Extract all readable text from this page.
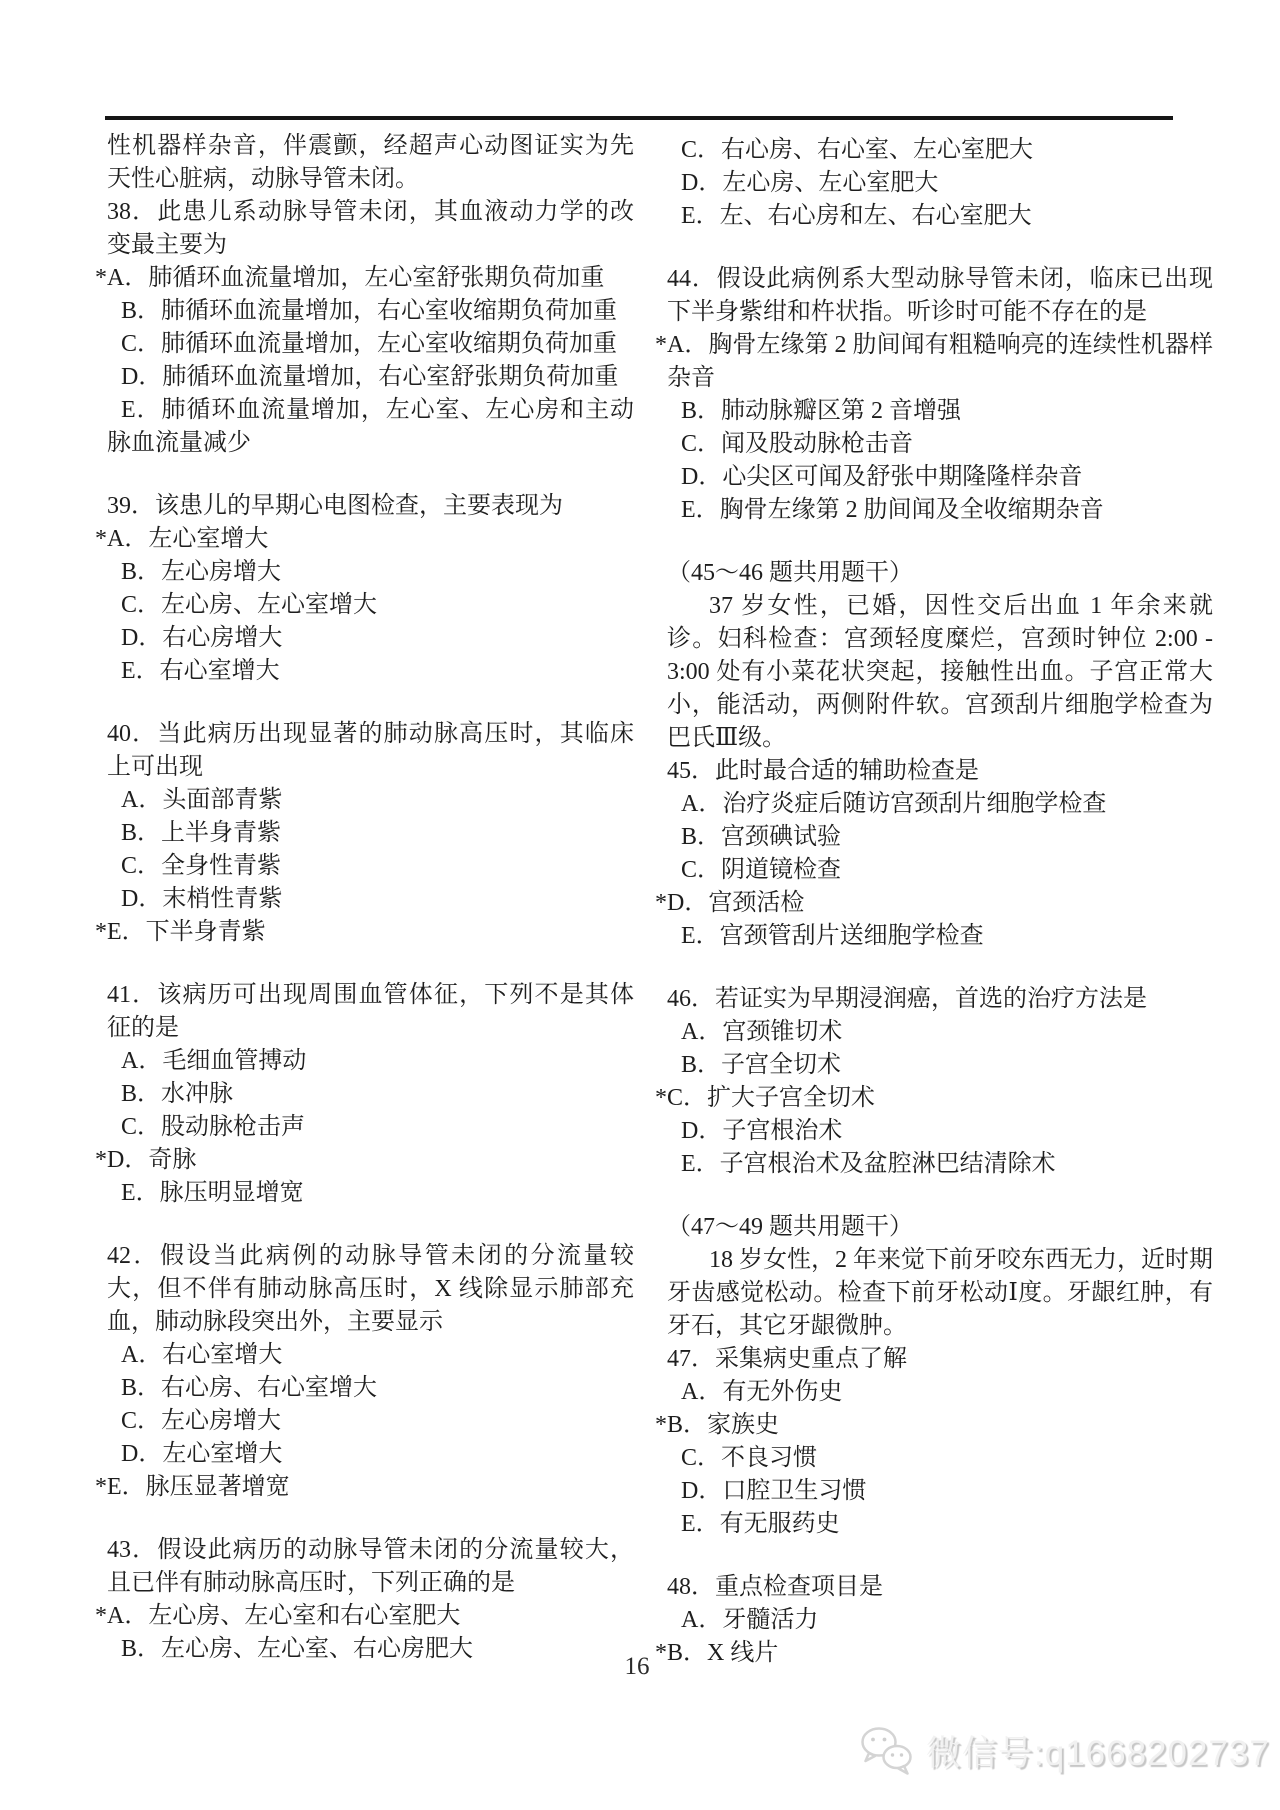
性机器样杂音，伴震颤，经超声心动图证实为先天性心脏病，动脉导管未闭。

38．此患儿系动脉导管未闭，其血液动力学的改变最主要为

*A．肺循环血流量增加，左心室舒张期负荷加重

B．肺循环血流量增加，右心室收缩期负荷加重

C．肺循环血流量增加，左心室收缩期负荷加重

D．肺循环血流量增加，右心室舒张期负荷加重

E．肺循环血流量增加，左心室、左心房和主动脉血流量减少

39．该患儿的早期心电图检查，主要表现为

*A．左心室增大

B．左心房增大

C．左心房、左心室增大

D．右心房增大

E．右心室增大

40．当此病历出现显著的肺动脉高压时，其临床上可出现

A．头面部青紫

B．上半身青紫

C．全身性青紫

D．末梢性青紫

*E．下半身青紫

41．该病历可出现周围血管体征，下列不是其体征的是

A．毛细血管搏动

B．水冲脉

C．股动脉枪击声

*D．奇脉

E．脉压明显增宽

42．假设当此病例的动脉导管未闭的分流量较大，但不伴有肺动脉高压时，X 线除显示肺部充血，肺动脉段突出外，主要显示

A．右心室增大

B．右心房、右心室增大

C．左心房增大

D．左心室增大

*E．脉压显著增宽

43．假设此病历的动脉导管未闭的分流量较大，且已伴有肺动脉高压时，下列正确的是

*A．左心房、左心室和右心室肥大

B．左心房、左心室、右心房肥大

C．右心房、右心室、左心室肥大

D．左心房、左心室肥大

E．左、右心房和左、右心室肥大

44．假设此病例系大型动脉导管未闭，临床已出现下半身紫绀和杵状指。听诊时可能不存在的是

*A．胸骨左缘第 2 肋间闻有粗糙响亮的连续性机器样杂音

B．肺动脉瓣区第 2 音增强

C．闻及股动脉枪击音

D．心尖区可闻及舒张中期隆隆样杂音

E．胸骨左缘第 2 肋间闻及全收缩期杂音

（45～46 题共用题干）

37 岁女性，已婚，因性交后出血 1 年余来就诊。妇科检查：宫颈轻度糜烂，宫颈时钟位 2:00 - 3:00 处有小菜花状突起，接触性出血。子宫正常大小，能活动，两侧附件软。宫颈刮片细胞学检查为巴氏Ⅲ级。

45．此时最合适的辅助检查是

A．治疗炎症后随访宫颈刮片细胞学检查

B．宫颈碘试验

C．阴道镜检查

*D．宫颈活检

E．宫颈管刮片送细胞学检查

46．若证实为早期浸润癌，首选的治疗方法是

A．宫颈锥切术

B．子宫全切术

*C．扩大子宫全切术

D．子宫根治术

E．子宫根治术及盆腔淋巴结清除术

（47～49 题共用题干）

18 岁女性，2 年来觉下前牙咬东西无力，近时期牙齿感觉松动。检查下前牙松动Ⅰ度。牙龈红肿，有牙石，其它牙龈微肿。

47．采集病史重点了解

A．有无外伤史

*B．家族史

C．不良习惯

D．口腔卫生习惯

E．有无服药史

48．重点检查项目是

A．牙髓活力

*B．X 线片

16
微信号:q1668202737
